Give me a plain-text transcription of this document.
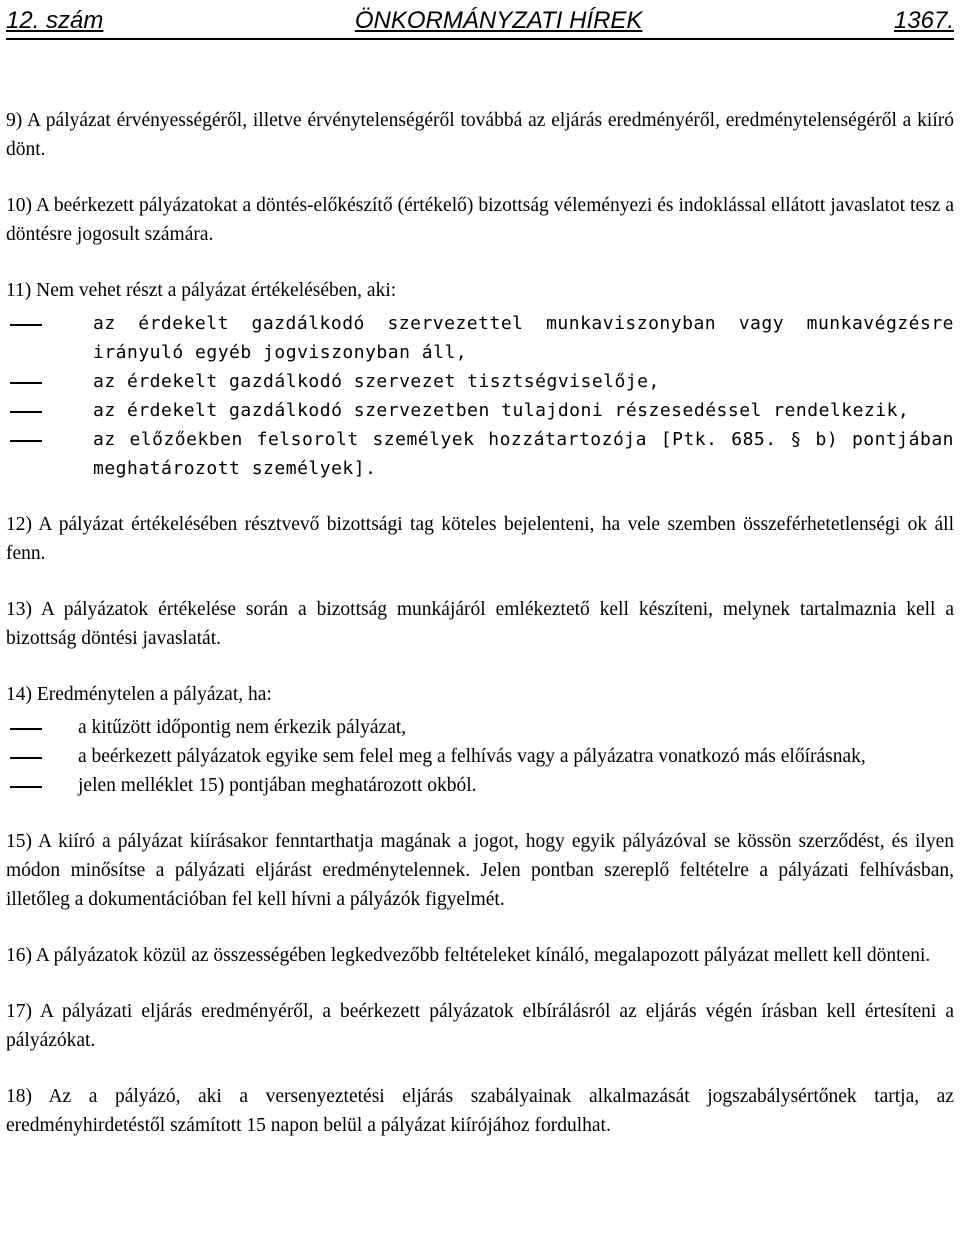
12. szám	ÖNKORMÁNYZATI HÍREK	1367.

9) A pályázat érvényességéről, illetve érvénytelenségéről továbbá az eljárás eredményéről, eredménytelenségéről a kiíró dönt.

10) A beérkezett pályázatokat a döntés-előkészítő (értékelő) bizottság véleményezi és indoklással ellátott javaslatot tesz a döntésre jogosult számára.

11) Nem vehet részt a pályázat értékelésében, aki:

az érdekelt gazdálkodó szervezettel munkaviszonyban vagy munkavégzésre irányuló egyéb jogviszonyban áll,
az érdekelt gazdálkodó szervezet tisztségviselője,
az érdekelt gazdálkodó szervezetben tulajdoni részesedéssel rendelkezik,
az előzőekben felsorolt személyek hozzátartozója [Ptk. 685. § b) pontjában meghatározott személyek].

12) A pályázat értékelésében résztvevő bizottsági tag köteles bejelenteni, ha vele szemben összeférhetetlenségi ok áll fenn.

13) A pályázatok értékelése során a bizottság munkájáról emlékeztető kell készíteni, melynek tartalmaznia kell a bizottság döntési javaslatát.

14) Eredménytelen a pályázat, ha:

a kitűzött időpontig nem érkezik pályázat,
a beérkezett pályázatok egyike sem felel meg a felhívás vagy a pályázatra vonatkozó más előírásnak,
jelen melléklet 15) pontjában meghatározott okból.

15) A kiíró a pályázat kiírásakor fenntarthatja magának a jogot, hogy egyik pályázóval se kössön szerződést, és ilyen módon minősítse a pályázati eljárást eredménytelennek. Jelen pontban szereplő feltételre a pályázati felhívásban, illetőleg a dokumentációban fel kell hívni a pályázók figyelmét.

16) A pályázatok közül az összességében legkedvezőbb feltételeket kínáló, megalapozott pályázat mellett kell dönteni.

17) A pályázati eljárás eredményéről, a beérkezett pályázatok elbírálásról az eljárás végén írásban kell értesíteni a pályázókat.

18) Az a pályázó, aki a versenyeztetési eljárás szabályainak alkalmazását jogszabálysértőnek tartja, az eredményhirdetéstől számított 15 napon belül a pályázat kiírójához fordulhat.
